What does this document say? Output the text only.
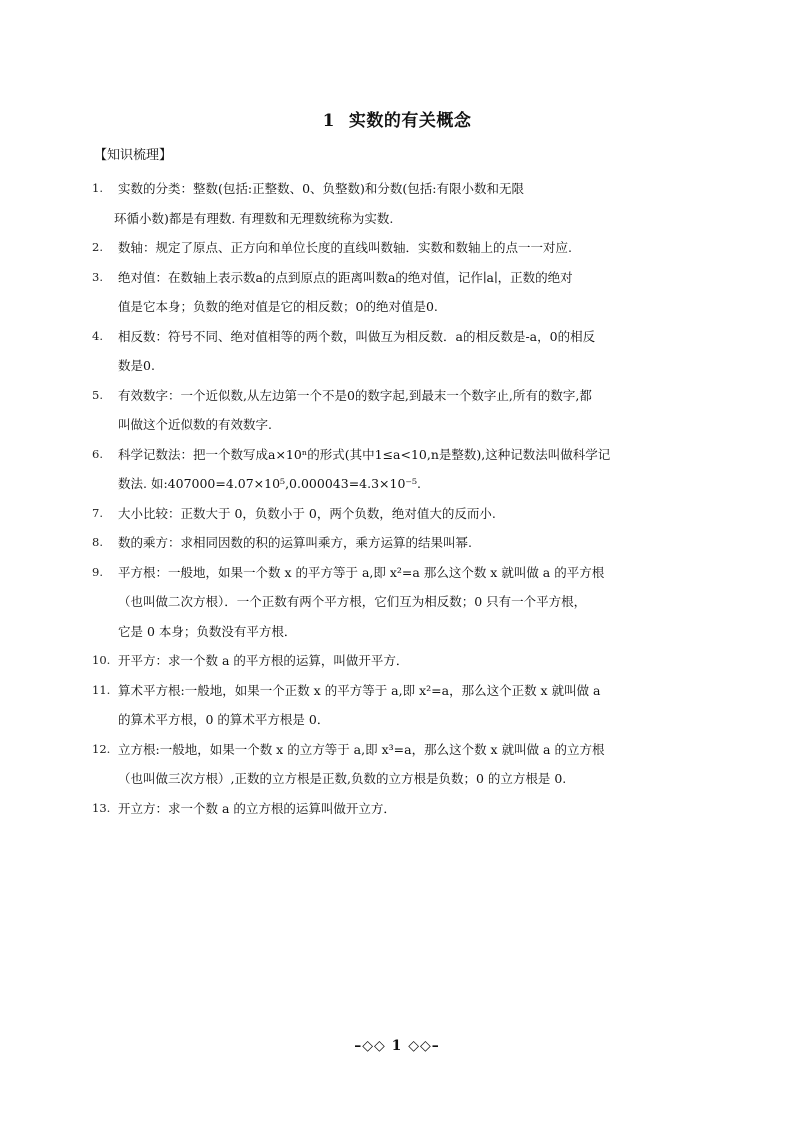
1 实数的有关概念
【知识梳理】
1. 实数的分类：整数(包括:正整数、0、负整数)和分数(包括:有限小数和无限
环循小数)都是有理数. 有理数和无理数统称为实数.
2. 数轴：规定了原点、正方向和单位长度的直线叫数轴．实数和数轴上的点一一对应.
3. 绝对值：在数轴上表示数a的点到原点的距离叫数a的绝对值，记作∣a∣，正数的绝对
值是它本身；负数的绝对值是它的相反数；0的绝对值是0.
4. 相反数：符号不同、绝对值相等的两个数，叫做互为相反数．a的相反数是-a，0的相反
数是0.
5. 有效数字：一个近似数,从左边第一个不是0的数字起,到最末一个数字止,所有的数字,都
叫做这个近似数的有效数字.
6. 科学记数法：把一个数写成a×10ⁿ的形式(其中1≤a<10,n是整数),这种记数法叫做科学记
数法. 如:407000=4.07×10⁵,0.000043=4.3×10⁻⁵.
7. 大小比较：正数大于 0，负数小于 0，两个负数，绝对值大的反而小.
8. 数的乘方：求相同因数的积的运算叫乘方，乘方运算的结果叫幂.
9. 平方根：一般地，如果一个数 x 的平方等于 a,即 x²=a 那么这个数 x 就叫做 a 的平方根
（也叫做二次方根）．一个正数有两个平方根，它们互为相反数；0 只有一个平方根，
它是 0 本身；负数没有平方根．
10. 开平方：求一个数 a 的平方根的运算，叫做开平方．
11. 算术平方根:一般地，如果一个正数 x 的平方等于 a,即 x²=a，那么这个正数 x 就叫做 a
的算术平方根，0 的算术平方根是 0．
12. 立方根:一般地，如果一个数 x 的立方等于 a,即 x³=a，那么这个数 x 就叫做 a 的立方根
（也叫做三次方根）,正数的立方根是正数,负数的立方根是负数；0 的立方根是 0.
13. 开立方：求一个数 a 的立方根的运算叫做开立方．
–◇◇ 1 ◇◇–
